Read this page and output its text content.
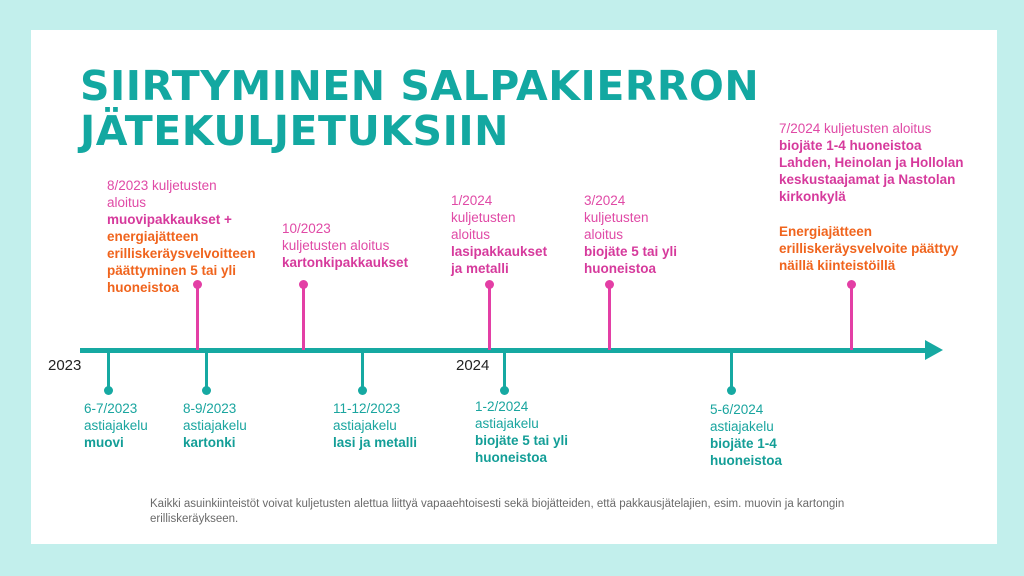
SIIRTYMINEN SALPAKIERRON
JÄTEKULJETUKSIIN
2023	2024
8/2023 kuljetusten
aloitus
muovipakkaukset +
energiajätteen
erilliskeräysvelvoitteen
päättyminen 5 tai yli
huoneistoa
10/2023
kuljetusten aloitus
kartonkipakkaukset
1/2024
kuljetusten
aloitus
lasipakkaukset
ja metalli
3/2024
kuljetusten
aloitus
biojäte 5 tai yli
huoneistoa
7/2024 kuljetusten aloitus
biojäte 1-4 huoneistoa
Lahden, Heinolan ja Hollolan
keskustaajamat ja Nastolan
kirkonkylä
Energiajätteen
erilliskeräysvelvoite päättyy
näillä kiinteistöillä
6-7/2023
astiajakelu
muovi
8-9/2023
astiajakelu
kartonki
11-12/2023
astiajakelu
lasi ja metalli
1-2/2024
astiajakelu
biojäte 5 tai yli
huoneistoa
5-6/2024
astiajakelu
biojäte 1-4
huoneistoa

Kaikki asuinkiinteistöt voivat kuljetusten alettua liittyä vapaaehtoisesti sekä biojätteiden, että pakkausjätelajien, esim. muovin ja kartongin erilliskeräykseen.
